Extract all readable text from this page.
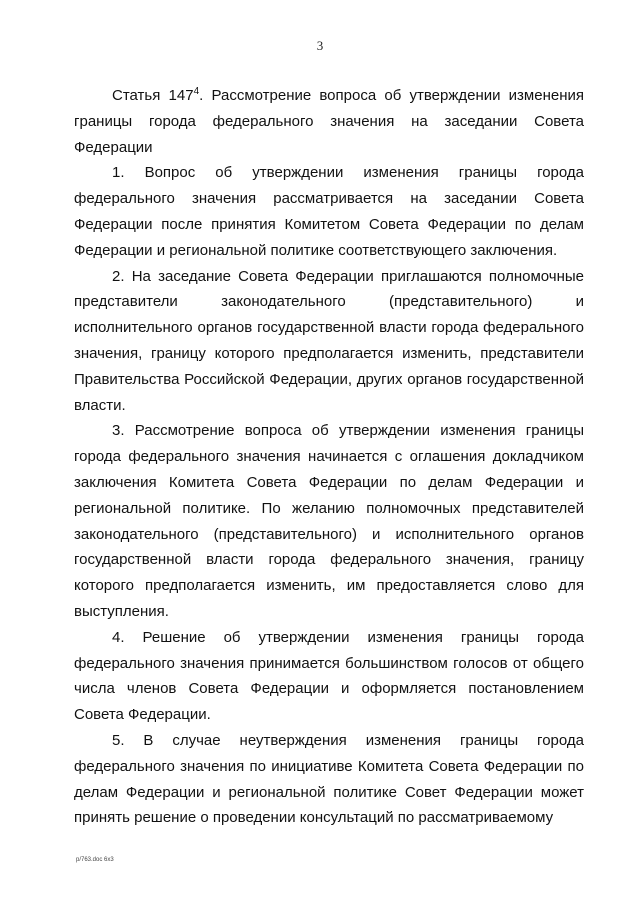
3

Статья $147^4$. Рассмотрение вопроса об утверждении изменения границы города федерального значения на заседании Совета Федерации

1. Вопрос об утверждении изменения границы города федерального значения рассматривается на заседании Совета Федерации после принятия Комитетом Совета Федерации по делам Федерации и региональной политике соответствующего заключения.

2. На заседание Совета Федерации приглашаются полномочные представители законодательного (представительного) и исполнительного органов государственной власти города федерального значения, границу которого предполагается изменить, представители Правительства Российской Федерации, других органов государственной власти.

3. Рассмотрение вопроса об утверждении изменения границы города федерального значения начинается с оглашения докладчиком заключения Комитета Совета Федерации по делам Федерации и региональной политике. По желанию полномочных представителей законодательного (представительного) и исполнительного органов государственной власти города федерального значения, границу которого предполагается изменить, им предоставляется слово для выступления.

4. Решение об утверждении изменения границы города федерального значения принимается большинством голосов от общего числа членов Совета Федерации и оформляется постановлением Совета Федерации.

5. В случае неутверждения изменения границы города федерального значения по инициативе Комитета Совета Федерации по делам Федерации и региональной политике Совет Федерации может принять решение о проведении консультаций по рассматриваемому

p/763.doc 6x3
